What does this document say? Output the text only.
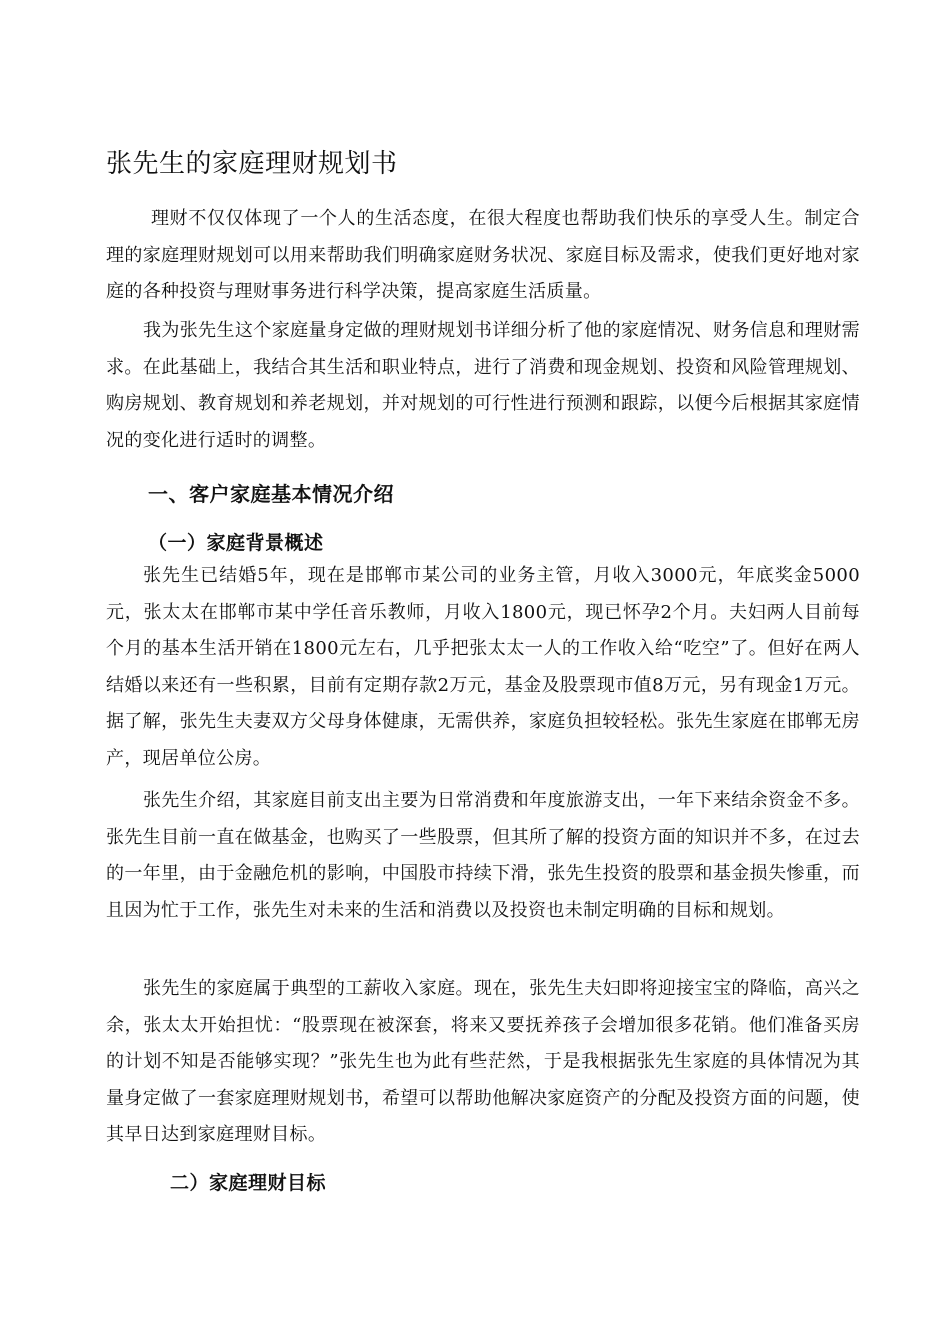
张先生的家庭理财规划书

理财不仅仅体现了一个人的生活态度，在很大程度也帮助我们快乐的享受人生。制定合理的家庭理财规划可以用来帮助我们明确家庭财务状况、家庭目标及需求，使我们更好地对家庭的各种投资与理财事务进行科学决策，提高家庭生活质量。

我为张先生这个家庭量身定做的理财规划书详细分析了他的家庭情况、财务信息和理财需求。在此基础上，我结合其生活和职业特点，进行了消费和现金规划、投资和风险管理规划、购房规划、教育规划和养老规划，并对规划的可行性进行预测和跟踪，以便今后根据其家庭情况的变化进行适时的调整。

一、客户家庭基本情况介绍
（一）家庭背景概述

张先生已结婚5年，现在是邯郸市某公司的业务主管，月收入3000元，年底奖金5000元，张太太在邯郸市某中学任音乐教师，月收入1800元，现已怀孕2个月。夫妇两人目前每个月的基本生活开销在1800元左右，几乎把张太太一人的工作收入给“吃空”了。但好在两人结婚以来还有一些积累，目前有定期存款2万元，基金及股票现市值8万元，另有现金1万元。据了解，张先生夫妻双方父母身体健康，无需供养，家庭负担较轻松。张先生家庭在邯郸无房产，现居单位公房。

张先生介绍，其家庭目前支出主要为日常消费和年度旅游支出，一年下来结余资金不多。张先生目前一直在做基金，也购买了一些股票，但其所了解的投资方面的知识并不多，在过去的一年里，由于金融危机的影响，中国股市持续下滑，张先生投资的股票和基金损失惨重，而且因为忙于工作，张先生对未来的生活和消费以及投资也未制定明确的目标和规划。

张先生的家庭属于典型的工薪收入家庭。现在，张先生夫妇即将迎接宝宝的降临，高兴之余，张太太开始担忧：“股票现在被深套，将来又要抚养孩子会增加很多花销。他们准备买房的计划不知是否能够实现？”张先生也为此有些茫然，于是我根据张先生家庭的具体情况为其量身定做了一套家庭理财规划书，希望可以帮助他解决家庭资产的分配及投资方面的问题，使其早日达到家庭理财目标。

二）家庭理财目标
